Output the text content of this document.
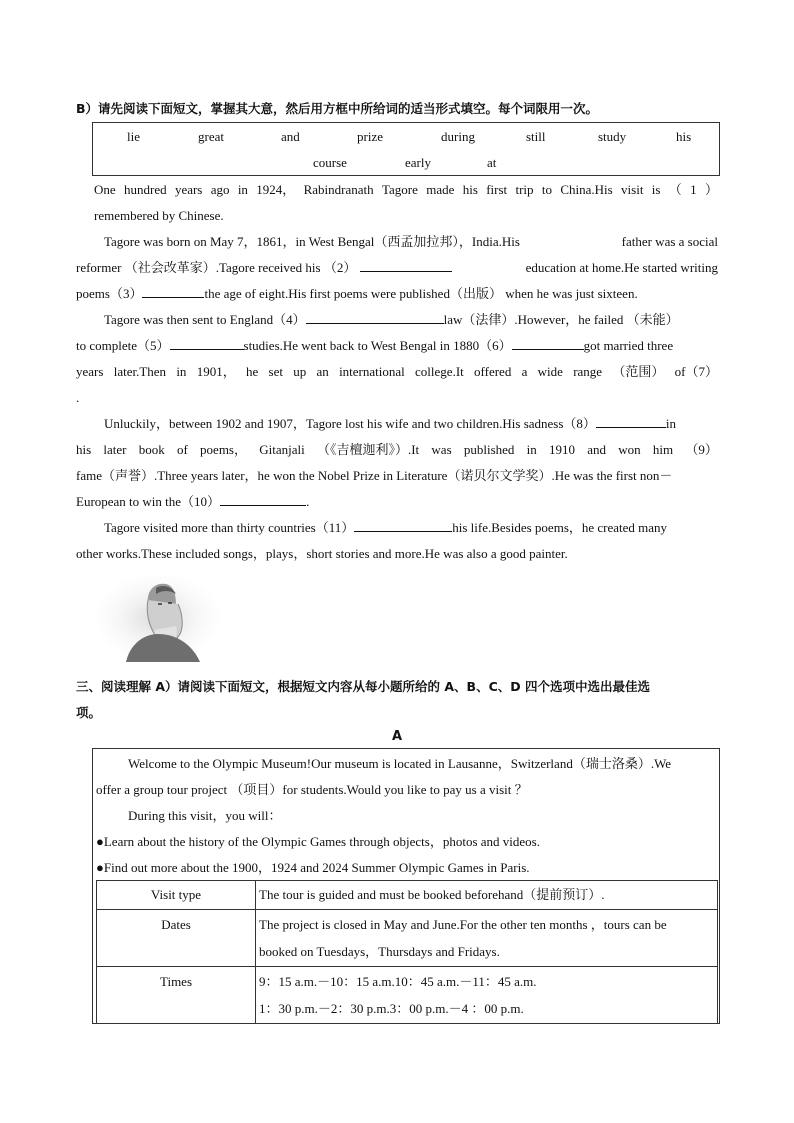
B）请先阅读下面短文，掌握其大意，然后用方框中所给词的适当形式填空。每个词限用一次。
lie	great	and	prize	during	still	study	his
course	early	at
One hundred years ago in 1924， Rabindranath Tagore made his first trip to China.His visit is （ 1 ）
remembered by Chinese.
Tagore was born on May 7，1861，in West Bengal（西孟加拉邦），India.His	father was a social
reformer （社会改革家）.Tagore received his （2）	education at home.He started writing
poems（3）	the age of eight.His first poems were published（出版） when he was just sixteen.
Tagore was then sent to England（4）	law（法律）.However，he failed （未能）
to complete（5）	studies.He went back to West Bengal in 1880（6）	got married three
years later.Then in 1901， he set up an international college.It offered a wide range （范围） of（7）
.
Unluckily，between 1902 and 1907，Tagore lost his wife and two children.His sadness（8）	in
his later book of poems， Gitanjali （《吉檀迦利》）.It was published in 1910 and won him （9）
fame（声誉）.Three years later，he won the Nobel Prize in Literature（诺贝尔文学奖）.He was the first non－
European to win the（10）	.
Tagore visited more than thirty countries（11）	his life.Besides poems，he created many
other works.These included songs，plays，short stories and more.He was also a good painter.
三、阅读理解 A）请阅读下面短文，根据短文内容从每小题所给的 A、B、C、D 四个选项中选出最佳选
项。
A
Welcome to the Olympic Museum!Our museum is located in Lausanne，Switzerland（瑞士洛桑）.We
offer a group tour project （项目）for students.Would you like to pay us a visit ？
During this visit，you will：
●Learn about the history of the Olympic Games through objects，photos and videos.
●Find out more about the 1900，1924 and 2024 Summer Olympic Games in Paris.
Visit type	The tour is guided and must be booked beforehand（提前预订）.

Dates	The project is closed in May and June.For the other ten months ，tours can be
booked on Tuesdays，Thursdays and Fridays.

Times	9：15 a.m.－10：15 a.m.10：45 a.m.－11：45 a.m.
1：30 p.m.－2：30 p.m.3：00 p.m.－4 ：00 p.m.
